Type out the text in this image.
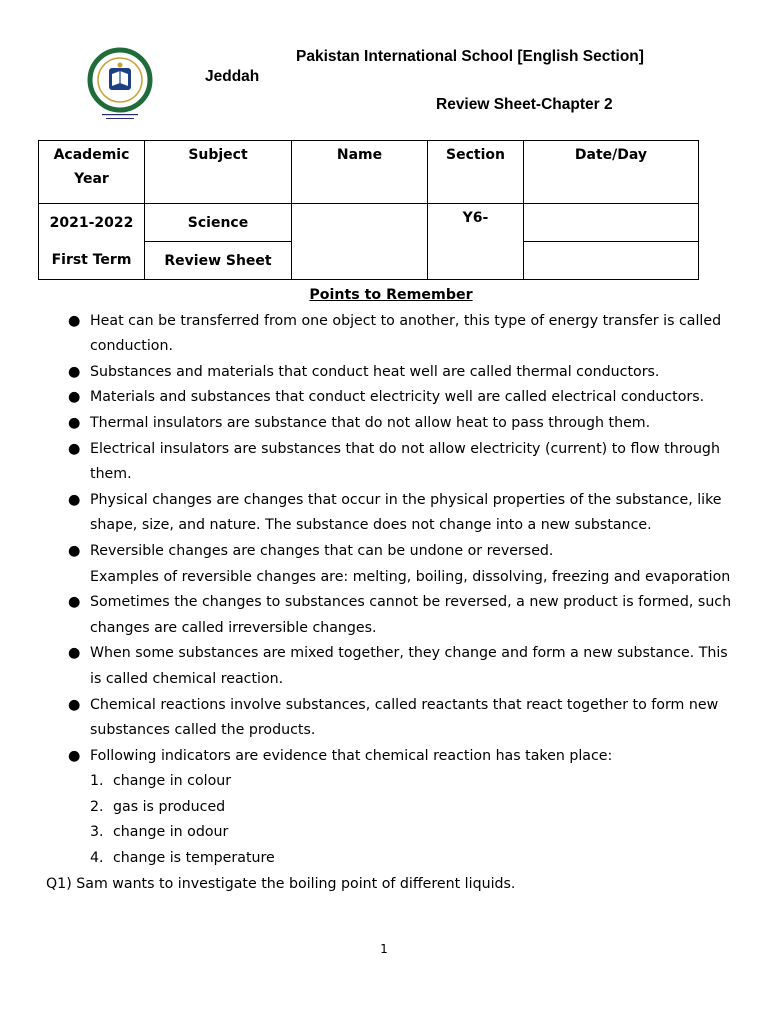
Pakistan International School [English Section]
Jeddah
Review Sheet-Chapter 2
Academic Year	Subject	Name	Section	Date/Day
2021-2022	Science		Y6-	
First Term	Review Sheet			
Points to Remember
● Heat can be transferred from one object to another, this type of energy transfer is called conduction.
● Substances and materials that conduct heat well are called thermal conductors.
● Materials and substances that conduct electricity well are called electrical conductors.
● Thermal insulators are substance that do not allow heat to pass through them.
● Electrical insulators are substances that do not allow electricity (current) to flow through them.
● Physical changes are changes that occur in the physical properties of the substance, like shape, size, and nature. The substance does not change into a new substance.
● Reversible changes are changes that can be undone or reversed.
Examples of reversible changes are: melting, boiling, dissolving, freezing and evaporation
● Sometimes the changes to substances cannot be reversed, a new product is formed, such changes are called irreversible changes.
● When some substances are mixed together, they change and form a new substance. This is called chemical reaction.
● Chemical reactions involve substances, called reactants that react together to form new substances called the products.
● Following indicators are evidence that chemical reaction has taken place:
1. change in colour
2. gas is produced
3. change in odour
4. change is temperature
Q1) Sam wants to investigate the boiling point of different liquids.
1
